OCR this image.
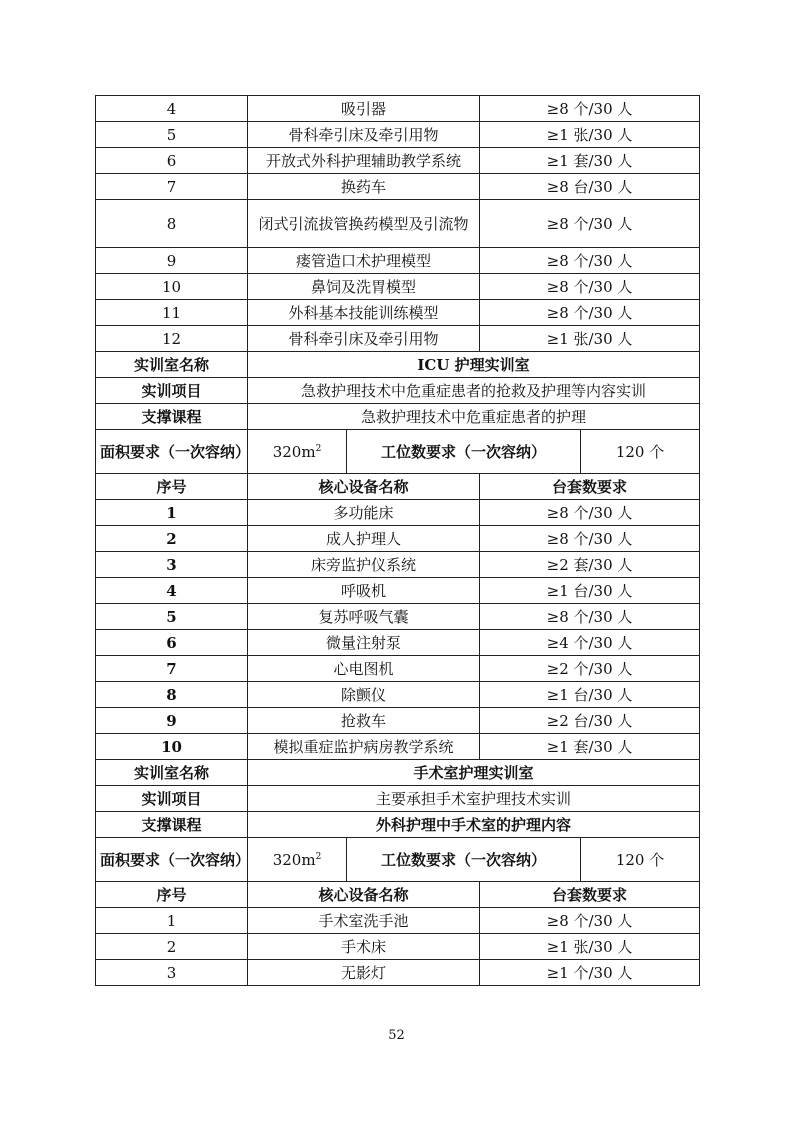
4	吸引器		≥8 个/30 人	
5	骨科牵引床及牵引用物		≥1 张/30 人	
6	开放式外科护理辅助教学系统		≥1 套/30 人	
7	换药车		≥8 台/30 人	
8	闭式引流拔管换药模型及引流物		≥8 个/30 人	
9	瘘管造口术护理模型		≥8 个/30 人	
10	鼻饲及洗胃模型		≥8 个/30 人	
11	外科基本技能训练模型		≥8 个/30 人	
12	骨科牵引床及牵引用物		≥1 张/30 人	
实训室名称	ICU 护理实训室			
实训项目	急救护理技术中危重症患者的抢救及护理等内容实训			
支撑课程	急救护理技术中危重症患者的护理			
面积要求（一次容纳）	$320m^2$	工位数要求（一次容纳）		120 个
序号	核心设备名称		台套数要求	
1	多功能床		≥8 个/30 人	
2	成人护理人		≥8 个/30 人	
3	床旁监护仪系统		≥2 套/30 人	
4	呼吸机		≥1 台/30 人	
5	复苏呼吸气囊		≥8 个/30 人	
6	微量注射泵		≥4 个/30 人	
7	心电图机		≥2 个/30 人	
8	除颤仪		≥1 台/30 人	
9	抢救车		≥2 台/30 人	
10	模拟重症监护病房教学系统		≥1 套/30 人	
实训室名称	手术室护理实训室			
实训项目	主要承担手术室护理技术实训			
支撑课程	外科护理中手术室的护理内容			
面积要求（一次容纳）	$320m^2$	工位数要求（一次容纳）		120 个
序号	核心设备名称		台套数要求	
1	手术室洗手池		≥8 个/30 人	
2	手术床		≥1 张/30 人	
3	无影灯		≥1 个/30 人	
52
